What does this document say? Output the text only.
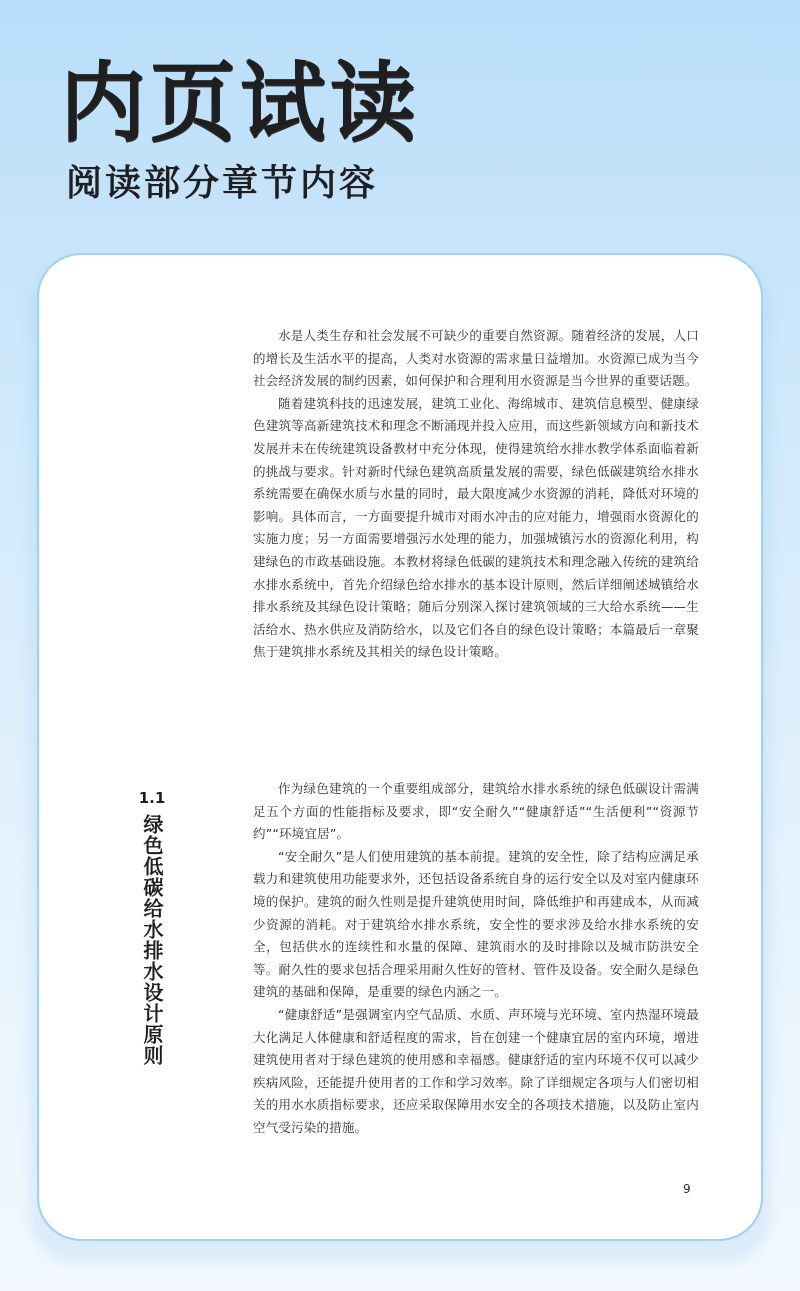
内页试读
阅读部分章节内容

水是人类生存和社会发展不可缺少的重要自然资源。随着经济的发展，人口的增长及生活水平的提高，人类对水资源的需求量日益增加。水资源已成为当今社会经济发展的制约因素，如何保护和合理利用水资源是当今世界的重要话题。

随着建筑科技的迅速发展，建筑工业化、海绵城市、建筑信息模型、健康绿色建筑等高新建筑技术和理念不断涌现并投入应用，而这些新领域方向和新技术发展并未在传统建筑设备教材中充分体现，使得建筑给水排水教学体系面临着新的挑战与要求。针对新时代绿色建筑高质量发展的需要，绿色低碳建筑给水排水系统需要在确保水质与水量的同时，最大限度减少水资源的消耗，降低对环境的影响。具体而言，一方面要提升城市对雨水冲击的应对能力，增强雨水资源化的实施力度；另一方面需要增强污水处理的能力，加强城镇污水的资源化利用，构建绿色的市政基础设施。本教材将绿色低碳的建筑技术和理念融入传统的建筑给水排水系统中，首先介绍绿色给水排水的基本设计原则，然后详细阐述城镇给水排水系统及其绿色设计策略；随后分别深入探讨建筑领域的三大给水系统——生活给水、热水供应及消防给水，以及它们各自的绿色设计策略；本篇最后一章聚焦于建筑排水系统及其相关的绿色设计策略。

1.1
绿色低碳给水排水设计原则

作为绿色建筑的一个重要组成部分，建筑给水排水系统的绿色低碳设计需满足五个方面的性能指标及要求，即“安全耐久”“健康舒适”“生活便利”“资源节约”“环境宜居”。

“安全耐久”是人们使用建筑的基本前提。建筑的安全性，除了结构应满足承载力和建筑使用功能要求外，还包括设备系统自身的运行安全以及对室内健康环境的保护。建筑的耐久性则是提升建筑使用时间，降低维护和再建成本，从而减少资源的消耗。对于建筑给水排水系统，安全性的要求涉及给水排水系统的安全，包括供水的连续性和水量的保障、建筑雨水的及时排除以及城市防洪安全等。耐久性的要求包括合理采用耐久性好的管材、管件及设备。安全耐久是绿色建筑的基础和保障，是重要的绿色内涵之一。

“健康舒适”是强调室内空气品质、水质、声环境与光环境、室内热湿环境最大化满足人体健康和舒适程度的需求，旨在创建一个健康宜居的室内环境，增进建筑使用者对于绿色建筑的使用感和幸福感。健康舒适的室内环境不仅可以减少疾病风险，还能提升使用者的工作和学习效率。除了详细规定各项与人们密切相关的用水水质指标要求，还应采取保障用水安全的各项技术措施，以及防止室内空气受污染的措施。

9
